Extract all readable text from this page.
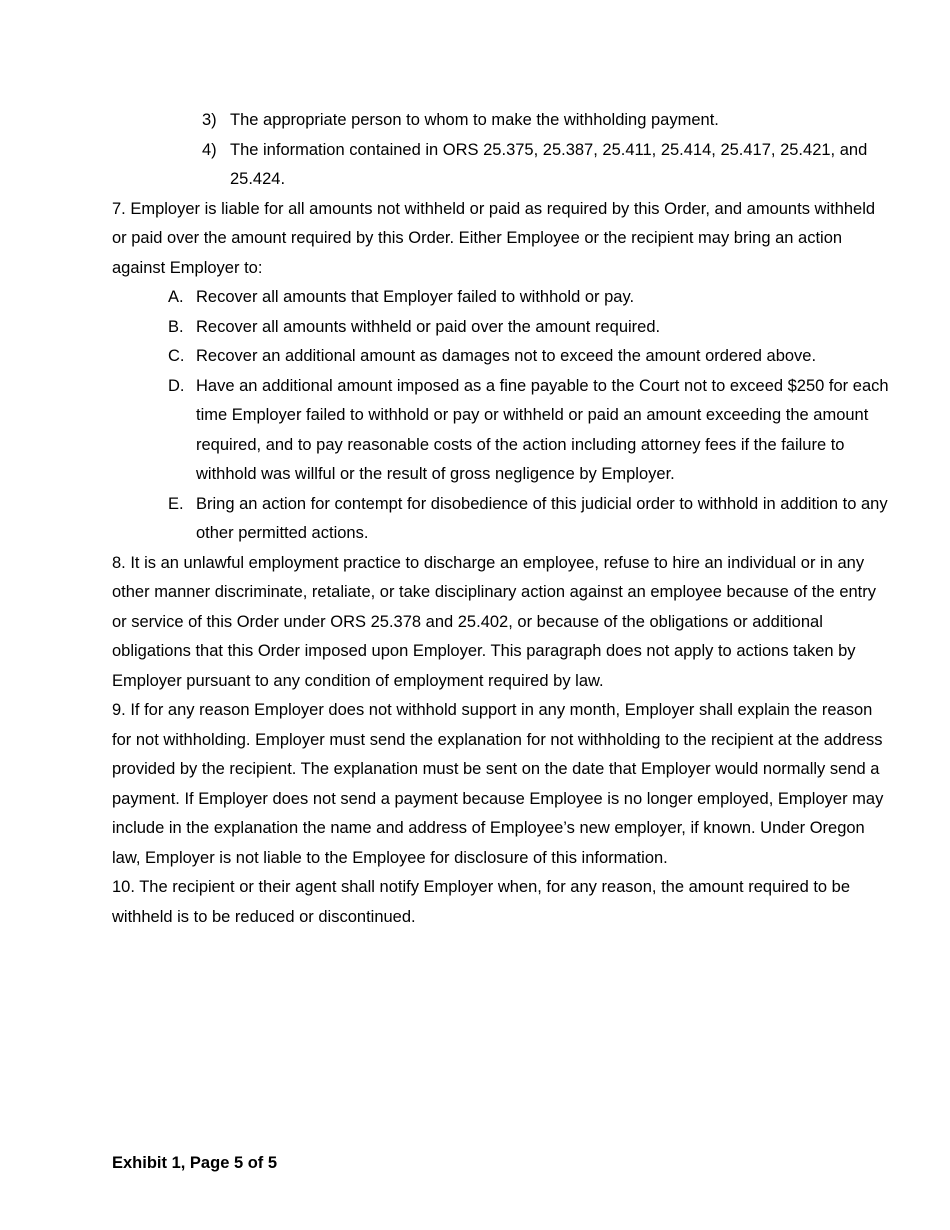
3) The appropriate person to whom to make the withholding payment.
4) The information contained in ORS 25.375, 25.387, 25.411, 25.414, 25.417, 25.421, and 25.424.

7. Employer is liable for all amounts not withheld or paid as required by this Order, and amounts withheld or paid over the amount required by this Order. Either Employee or the recipient may bring an action against Employer to:

A. Recover all amounts that Employer failed to withhold or pay.
B. Recover all amounts withheld or paid over the amount required.
C. Recover an additional amount as damages not to exceed the amount ordered above.
D. Have an additional amount imposed as a fine payable to the Court not to exceed $250 for each time Employer failed to withhold or pay or withheld or paid an amount exceeding the amount required, and to pay reasonable costs of the action including attorney fees if the failure to withhold was willful or the result of gross negligence by Employer.
E. Bring an action for contempt for disobedience of this judicial order to withhold in addition to any other permitted actions.

8. It is an unlawful employment practice to discharge an employee, refuse to hire an individual or in any other manner discriminate, retaliate, or take disciplinary action against an employee because of the entry or service of this Order under ORS 25.378 and 25.402, or because of the obligations or additional obligations that this Order imposed upon Employer. This paragraph does not apply to actions taken by Employer pursuant to any condition of employment required by law.

9. If for any reason Employer does not withhold support in any month, Employer shall explain the reason for not withholding. Employer must send the explanation for not withholding to the recipient at the address provided by the recipient. The explanation must be sent on the date that Employer would normally send a payment. If Employer does not send a payment because Employee is no longer employed, Employer may include in the explanation the name and address of Employee’s new employer, if known. Under Oregon law, Employer is not liable to the Employee for disclosure of this information.

10. The recipient or their agent shall notify Employer when, for any reason, the amount required to be withheld is to be reduced or discontinued.

Exhibit 1, Page 5 of 5
